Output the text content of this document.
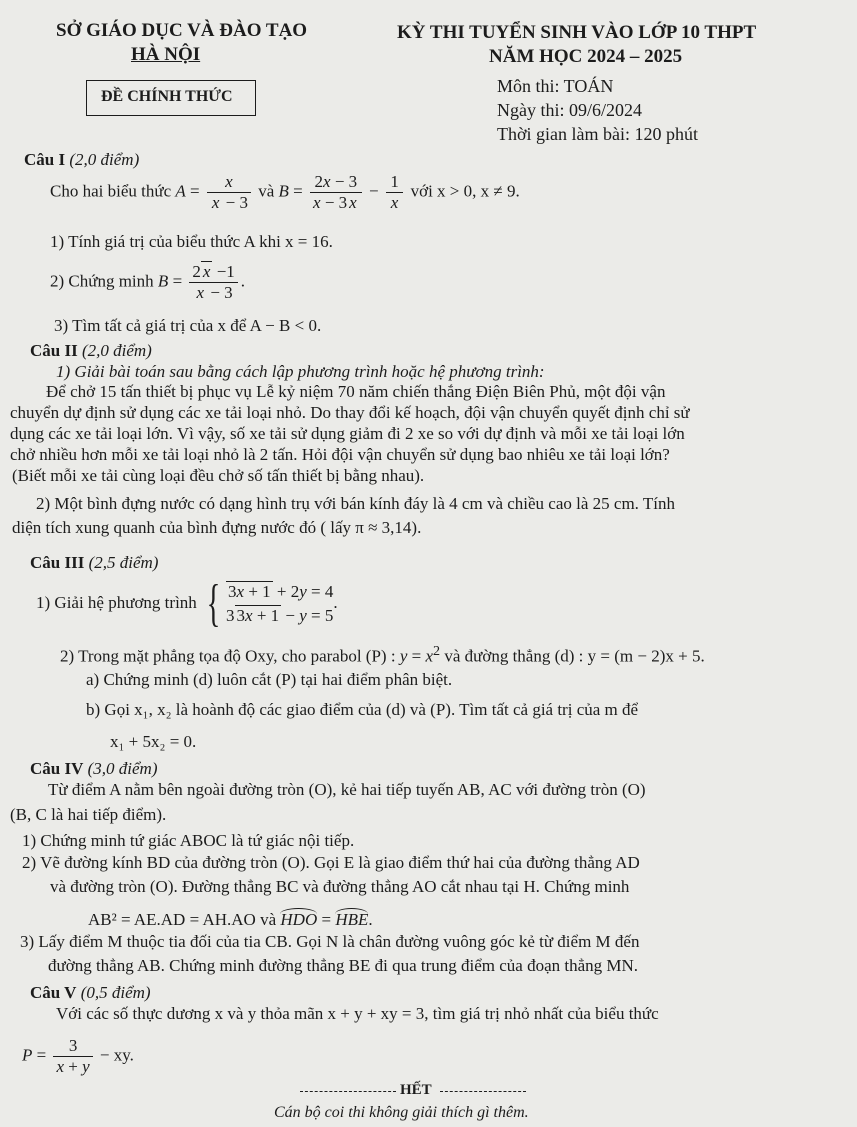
SỞ GIÁO DỤC VÀ ĐÀO TẠO
HÀ NỘI
ĐỀ CHÍNH THỨC
KỲ THI TUYỂN SINH VÀO LỚP 10 THPT
NĂM HỌC 2024 – 2025
Môn thi: TOÁN
Ngày thi: 09/6/2024
Thời gian làm bài: 120 phút
Câu I (2,0 điểm)
Cho hai biểu thức $A = \frac{x}{x - 3}$ và $B = \frac{2x - 3}{x - 3 x} - \frac{1}{x}$ với x > 0, x ≠ 9.
1) Tính giá trị của biểu thức A khi x = 16.
2) Chứng minh $B = \frac{2 x -1}{x - 3}$ .
3) Tìm tất cả giá trị của x để A − B < 0.
Câu II (2,0 điểm)
1) Giải bài toán sau bằng cách lập phương trình hoặc hệ phương trình:
Để chở 15 tấn thiết bị phục vụ Lễ kỷ niệm 70 năm chiến thắng Điện Biên Phủ, một đội vận
chuyển dự định sử dụng các xe tải loại nhỏ. Do thay đổi kế hoạch, đội vận chuyển quyết định chỉ sử
dụng các xe tải loại lớn. Vì vậy, số xe tải sử dụng giảm đi 2 xe so với dự định và mỗi xe tải loại lớn
chở nhiều hơn mỗi xe tải loại nhỏ là 2 tấn. Hỏi đội vận chuyển sử dụng bao nhiêu xe tải loại lớn?
(Biết mỗi xe tải cùng loại đều chở số tấn thiết bị bằng nhau).
2) Một bình đựng nước có dạng hình trụ với bán kính đáy là 4 cm và chiều cao là 25 cm. Tính
diện tích xung quanh của bình đựng nước đó ( lấy π ≈ 3,14).
Câu III (2,5 điểm)
1) Giải hệ phương trình { 3x + 1 + 2y = 4
3 3x + 1 − y = 5
.
2) Trong mặt phẳng tọa độ Oxy, cho parabol (P) : $y = x^2$ và đường thẳng (d) : y = (m − 2)x + 5.
a) Chứng minh (d) luôn cắt (P) tại hai điểm phân biệt.
b) Gọi x₁, x₂ là hoành độ các giao điểm của (d) và (P). Tìm tất cả giá trị của m để
x₁ + 5x₂ = 0.
Câu IV (3,0 điểm)
Từ điểm A nằm bên ngoài đường tròn (O), kẻ hai tiếp tuyến AB, AC với đường tròn (O)
(B, C là hai tiếp điểm).
1) Chứng minh tứ giác ABOC là tứ giác nội tiếp.
2) Vẽ đường kính BD của đường tròn (O). Gọi E là giao điểm thứ hai của đường thẳng AD
và đường tròn (O). Đường thẳng BC và đường thẳng AO cắt nhau tại H. Chứng minh
AB² = AE.AD = AH.AO và HDO = HBE.
3) Lấy điểm M thuộc tia đối của tia CB. Gọi N là chân đường vuông góc kẻ từ điểm M đến
đường thẳng AB. Chứng minh đường thẳng BE đi qua trung điểm của đoạn thẳng MN.
Câu V (0,5 điểm)
Với các số thực dương x và y thỏa mãn x + y + xy = 3, tìm giá trị nhỏ nhất của biểu thức
$P = \frac{3}{x + y}$ − xy.
HẾT
Cán bộ coi thi không giải thích gì thêm.
